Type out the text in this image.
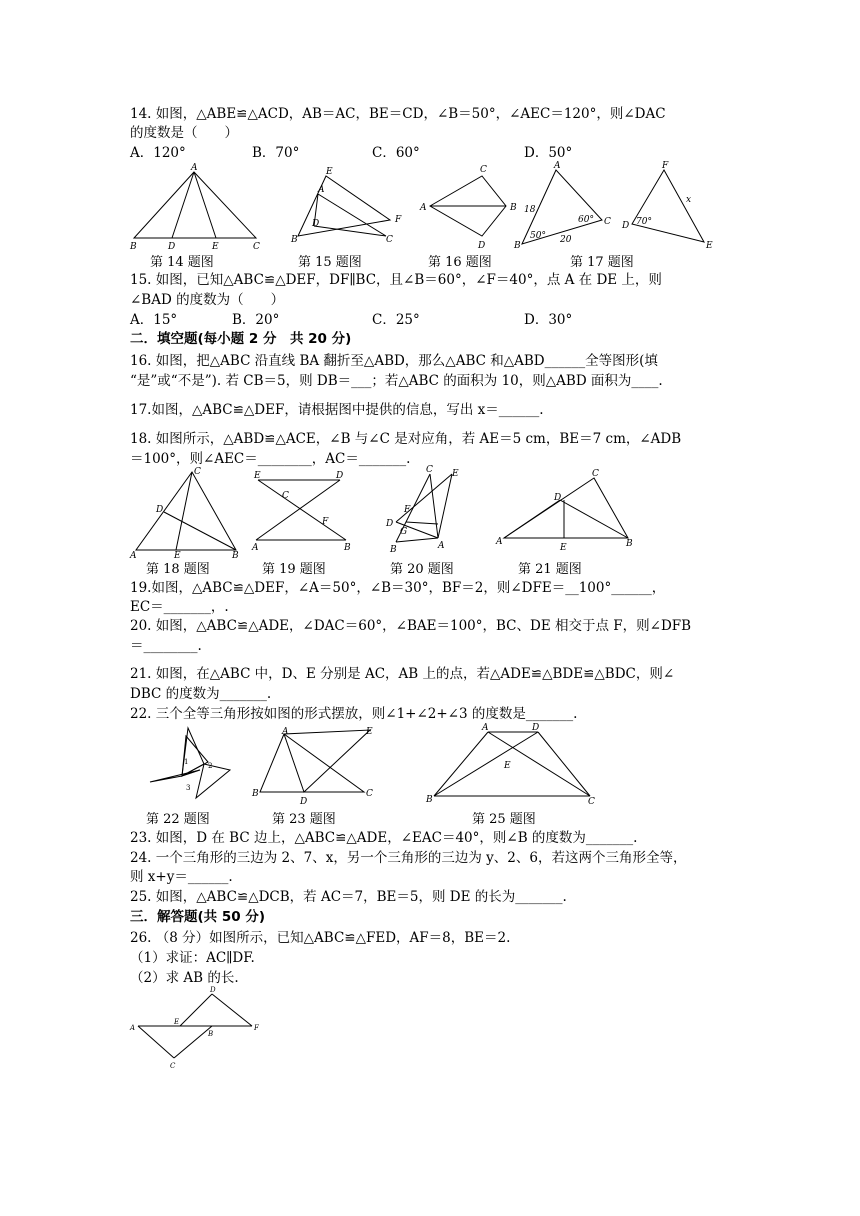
14. 如图，△ABE≌△ACD，AB＝AC，BE＝CD，∠B＝50°，∠AEC＝120°，则∠DAC
的度数是（　　）
A．120°	B．70°	C．60°	D．50°
A
B	D	E	C
E
A
D	F
B	C
C
A	B
D
A
18
60° C
50° 20
B
F
x
D 70°
E
第 14 题图	第 15 题图	第 16 题图	第 17 题图
15. 如图，已知△ABC≌△DEF，DF∥BC，且∠B＝60°，∠F＝40°，点 A 在 DE 上，则
∠BAD 的度数为（　　）
A．15°	B．20°	C．25°	D．30°
二．填空题(每小题 2 分　共 20 分)
16. 如图，把△ABC 沿直线 BA 翻折至△ABD，那么△ABC 和△ABD______全等图形(填
“是”或“不是”). 若 CB＝5，则 DB＝___；若△ABC 的面积为 10，则△ABD 面积为____.
17.如图，△ABC≌△DEF，请根据图中提供的信息，写出 x＝______.
18. 如图所示，△ABD≌△ACE，∠B 与∠C 是对应角，若 AE＝5 cm，BE＝7 cm，∠ADB
＝100°，则∠AEC＝________，AC＝_______.
C
D
A	E	B
E	D
C
F
A	B
C E
F
D
G
B	A
C
D
A
E	B
第 18 题图	第 19 题图	第 20 题图	第 21 题图
19.如图，△ABC≌△DEF，∠A＝50°，∠B＝30°，BF＝2，则∠DFE＝__100°______，
EC＝_______，.
20. 如图，△ABC≌△ADE，∠DAC＝60°，∠BAE＝100°，BC、DE 相交于点 F，则∠DFB
＝________.
21. 如图，在△ABC 中，D、E 分别是 AC，AB 上的点，若△ADE≌△BDE≌△BDC，则∠
DBC 的度数为_______.
22. 三个全等三角形按如图的形式摆放，则∠1+∠2+∠3 的度数是_______.
1	2
3
A	E
B
D
C
A	D
E
B	C
第 22 题图	第 23 题图	第 25 题图
23. 如图，D 在 BC 边上，△ABC≌△ADE，∠EAC＝40°，则∠B 的度数为_______.
24. 一个三角形的三边为 2、7、x，另一个三角形的三边为 y、2、6，若这两个三角形全等，
则 x+y＝______.
25. 如图，△ABC≌△DCB，若 AC＝7，BE＝5，则 DE 的长为_______.
三．解答题(共 50 分)
26. （8 分）如图所示，已知△ABC≌△FED，AF＝8，BE＝2.
（1）求证：AC∥DF.
（2）求 AB 的长.
D
A
E
B
F
C
